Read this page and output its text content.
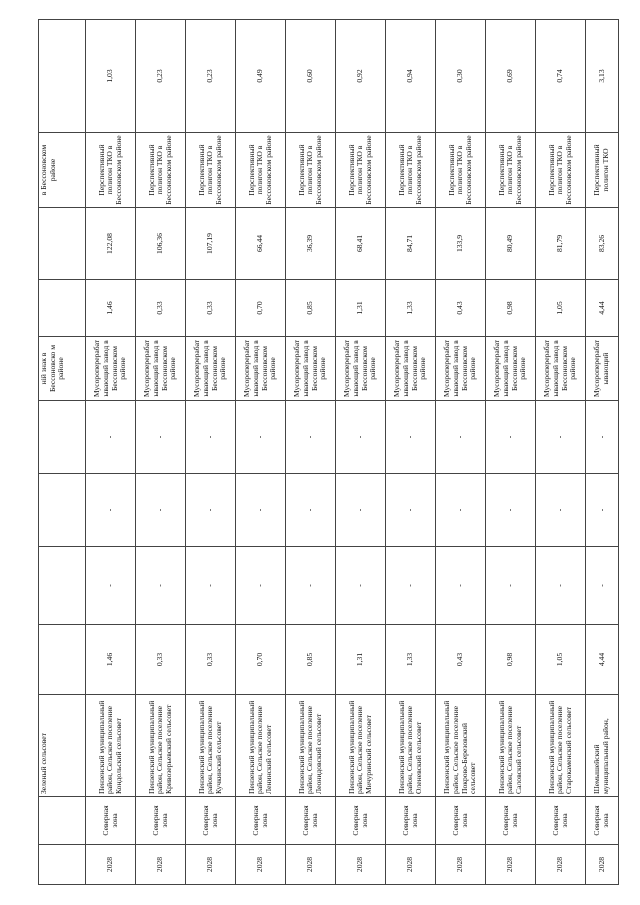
		Зеленый сельсовет					ній знак в Бессоновско м районе			в Бессоновском районе		
2028	Северная зона	Пензенский муниципальный район, Сельское поселение Кондольский сельсовет	1,46	-	-	-	Мусороперерабатывающий завод в Бессоновском районе	1,46	122,08	Перспективный полигон ТКО в Бессоновском районе	1,03	
2028	Северная зона	Пензенский муниципальный район, Сельское поселение Кривозерьевский сельсовет	0,33	-	-	-	Мусороперерабатывающий завод в Бессоновском районе	0,33	106,36	Перспективный полигон ТКО в Бессоновском районе	0,23	
2028	Северная зона	Пензенский муниципальный район, Сельское поселение Кучкинский сельсовет	0,33	-	-	-	Мусороперерабатывающий завод в Бессоновском районе	0,33	107,19	Перспективный полигон ТКО в Бессоновском районе	0,23	
2028	Северная зона	Пензенский муниципальный район, Сельское поселение Ленинский сельсовет	0,70	-	-	-	Мусороперерабатывающий завод в Бессоновском районе	0,70	66,44	Перспективный полигон ТКО в Бессоновском районе	0,49	
2028	Северная зона	Пензенский муниципальный район, Сельское поселение Леонидовский сельсовет	0,85	-	-	-	Мусороперерабатывающий завод в Бессоновском районе	0,85	36,39	Перспективный полигон ТКО в Бессоновском районе	0,60	
2028	Северная зона	Пензенский муниципальный район, Сельское поселение Мичуринский сельсовет	1,31	-	-	-	Мусороперерабатывающий завод в Бессоновском районе	1,31	68,41	Перспективный полигон ТКО в Бессоновском районе	0,92	
2028	Северная зона	Пензенский муниципальный район, Сельское поселение Оленевский сельсовет	1,33	-	-	-	Мусороперерабатывающий завод в Бессоновском районе	1,33	84,71	Перспективный полигон ТКО в Бессоновском районе	0,94	
2028	Северная зона	Пензенский муниципальный район, Сельское поселение Покрово-Березовский сельсовет	0,43	-	-	-	Мусороперерабатывающий завод в Бессоновском районе	0,43	133,9	Перспективный полигон ТКО в Бессоновском районе	0,30	
2028	Северная зона	Пензенский муниципальный район, Сельское поселение Саловский сельсовет	0,98	-	-	-	Мусороперерабатывающий завод в Бессоновском районе	0,98	80,49	Перспективный полигон ТКО в Бессоновском районе	0,69	
2028	Северная зона	Пензенский муниципальный район, Сельское поселение Старокаменский сельсовет	1,05	-	-	-	Мусороперерабатывающий завод в Бессоновском районе	1,05	81,79	Перспективный полигон ТКО в Бессоновском районе	0,74	
2028	Северная зона	Шемышейский муниципальный район,	4,44	-	-	-	Мусороперерабатывающий	4,44	83,26	Перспективный полигон ТКО	3,13	
